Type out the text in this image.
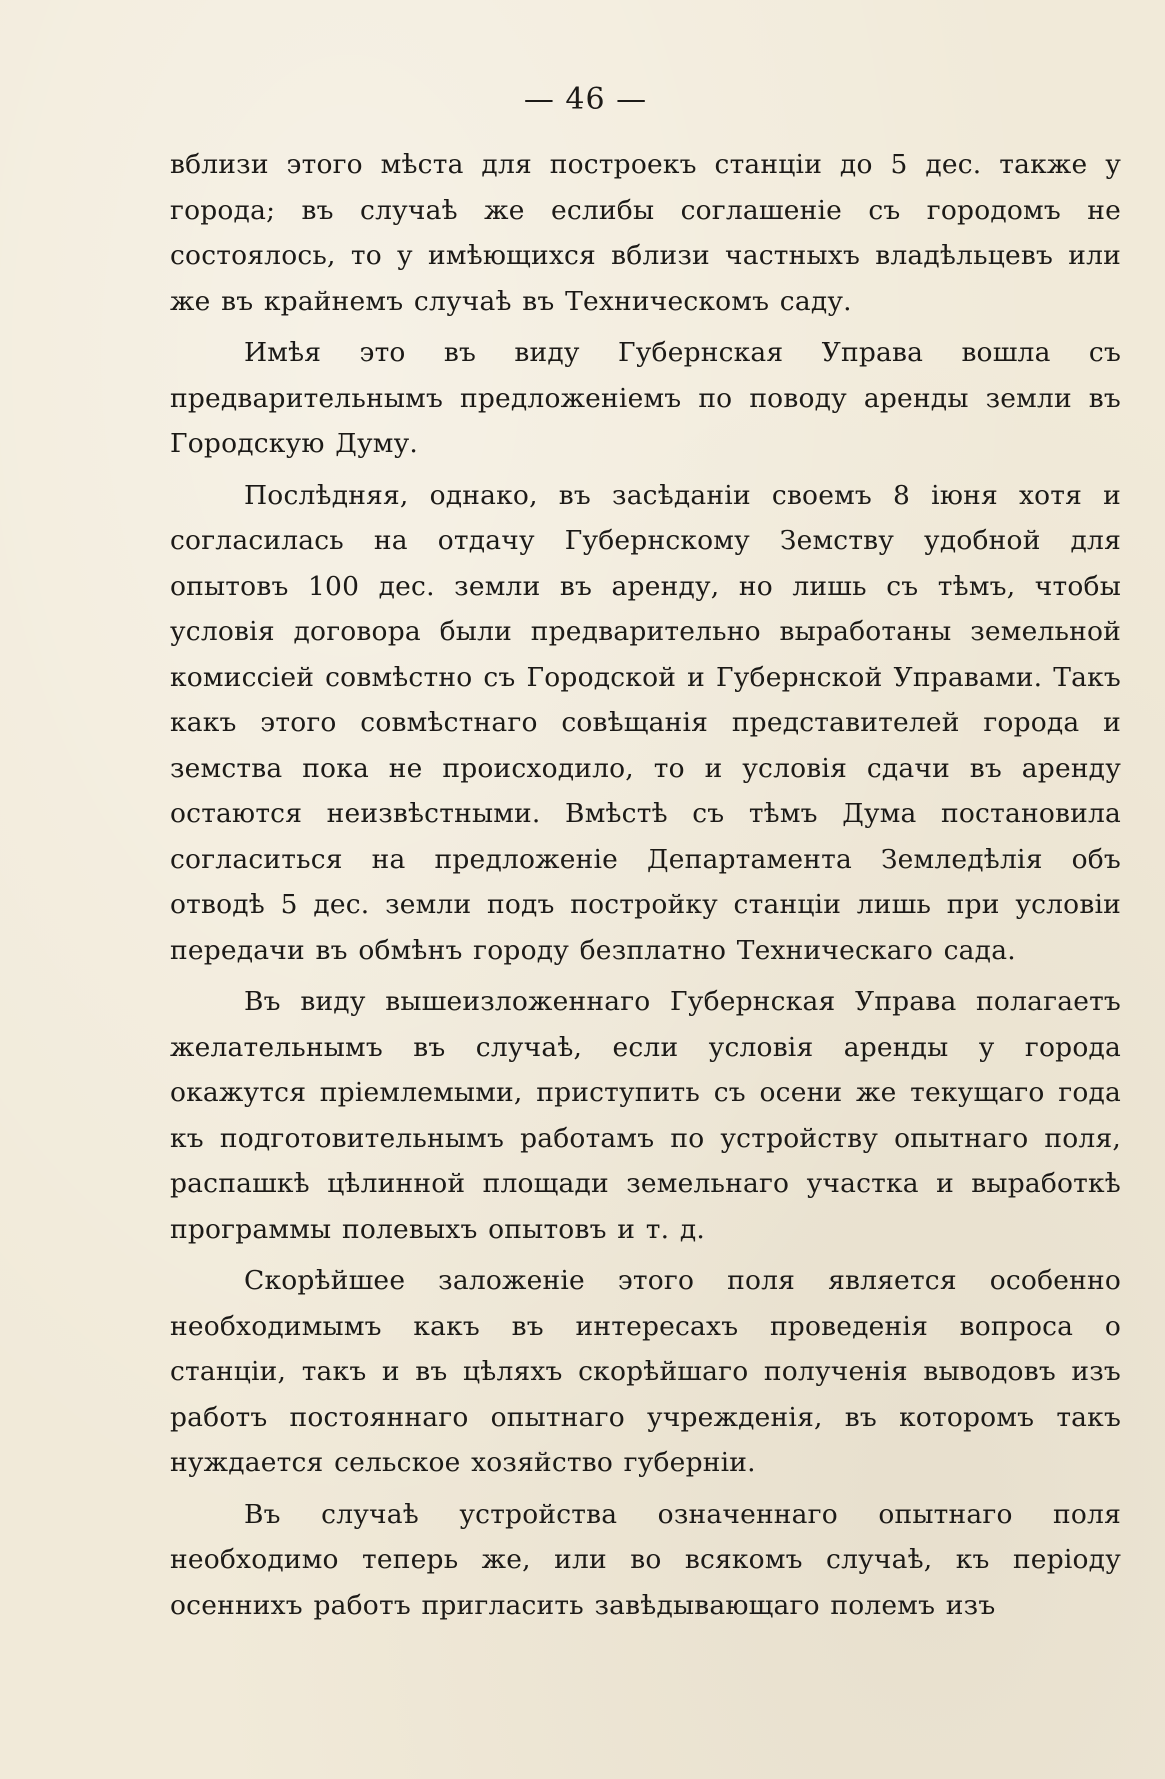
— 46 —

вблизи этого мѣста для построекъ станціи до 5 дес. также у города; въ случаѣ же еслибы соглашеніе съ городомъ не состоялось, то у имѣющихся вблизи частныхъ владѣльцевъ или же въ крайнемъ случаѣ въ Техническомъ саду.

Имѣя это въ виду Губернская Управа вошла съ предварительнымъ предложеніемъ по поводу аренды земли въ Городскую Думу.

Послѣдняя, однако, въ засѣданіи своемъ 8 іюня хотя и согласилась на отдачу Губернскому Земству удобной для опытовъ 100 дес. земли въ аренду, но лишь съ тѣмъ, чтобы условія договора были предварительно выработаны земельной комиссіей совмѣстно съ Городской и Губернской Управами. Такъ какъ этого совмѣстнаго совѣщанія представителей города и земства пока не происходило, то и условія сдачи въ аренду остаются неизвѣстными. Вмѣстѣ съ тѣмъ Дума постановила согласиться на предложеніе Департамента Земледѣлія объ отводѣ 5 дес. земли подъ постройку станціи лишь при условіи передачи въ обмѣнъ городу безплатно Техническаго сада.

Въ виду вышеизложеннаго Губернская Управа полагаетъ желательнымъ въ случаѣ, если условія аренды у города окажутся пріемлемыми, приступить съ осени же текущаго года къ подготовительнымъ работамъ по устройству опытнаго поля, распашкѣ цѣлинной площади земельнаго участка и выработкѣ программы полевыхъ опытовъ и т. д.

Скорѣйшее заложеніе этого поля является особенно необходимымъ какъ въ интересахъ проведенія вопроса о станціи, такъ и въ цѣляхъ скорѣйшаго полученія выводовъ изъ работъ постояннаго опытнаго учрежденія, въ которомъ такъ нуждается сельское хозяйство губерніи.

Въ случаѣ устройства означеннаго опытнаго поля необходимо теперь же, или во всякомъ случаѣ, къ періоду осеннихъ работъ пригласить завѣдывающаго полемъ изъ
